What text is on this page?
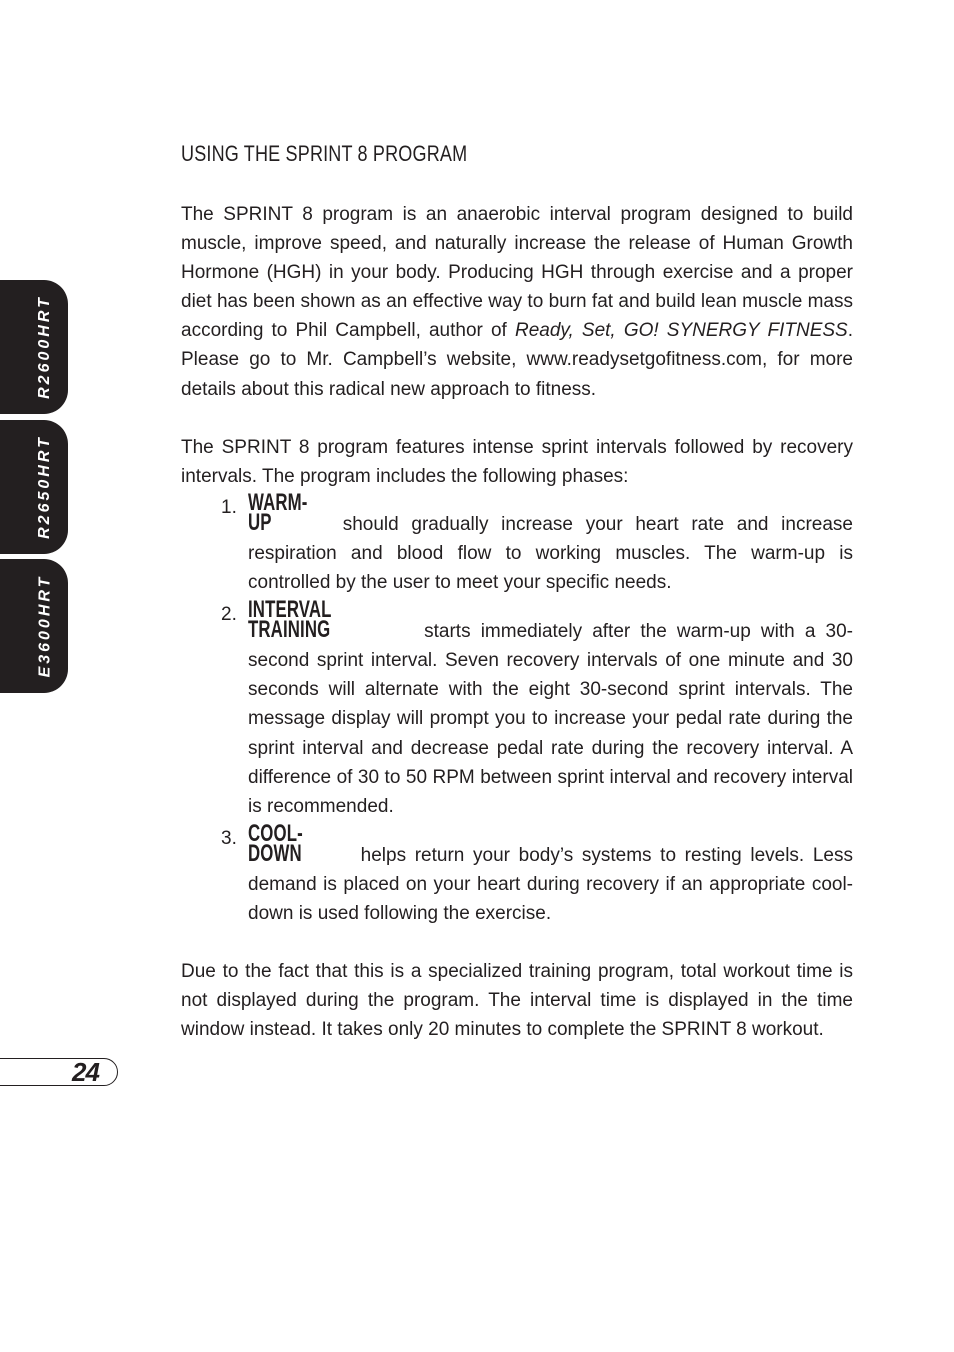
R2600HRT
R2650HRT
E3600HRT
24
USING THE SPRINT 8 PROGRAM

The SPRINT 8 program is an anaerobic interval program designed to build muscle, improve speed, and naturally increase the release of Human Growth Hormone (HGH) in your body. Producing HGH through exercise and a proper diet has been shown as an effective way to burn fat and build lean muscle mass according to Phil Campbell, author of Ready, Set, GO! SYNERGY FITNESS. Please go to Mr. Campbell’s website, www.readysetgofitness.com, for more details about this radical new approach to fitness.

The SPRINT 8 program features intense sprint intervals followed by recovery intervals. The program includes the following phases:

1. WARM-UP	should gradually increase your heart rate and increase respiration and blood flow to working muscles. The warm-up is controlled by the user to meet your specific needs.
2. INTERVAL TRAINING	starts immediately after the warm-up with a 30-second sprint interval. Seven recovery intervals of one minute and 30 seconds will alternate with the eight 30-second sprint intervals. The message display will prompt you to increase your pedal rate during the sprint interval and decrease pedal rate during the recovery interval. A difference of 30 to 50 RPM between sprint interval and recovery interval is recommended.
3. COOL-DOWN	helps return your body’s systems to resting levels. Less demand is placed on your heart during recovery if an appropriate cool-down is used following the exercise.

Due to the fact that this is a specialized training program, total workout time is not displayed during the program. The interval time is displayed in the time window instead. It takes only 20 minutes to complete the SPRINT 8 workout.
